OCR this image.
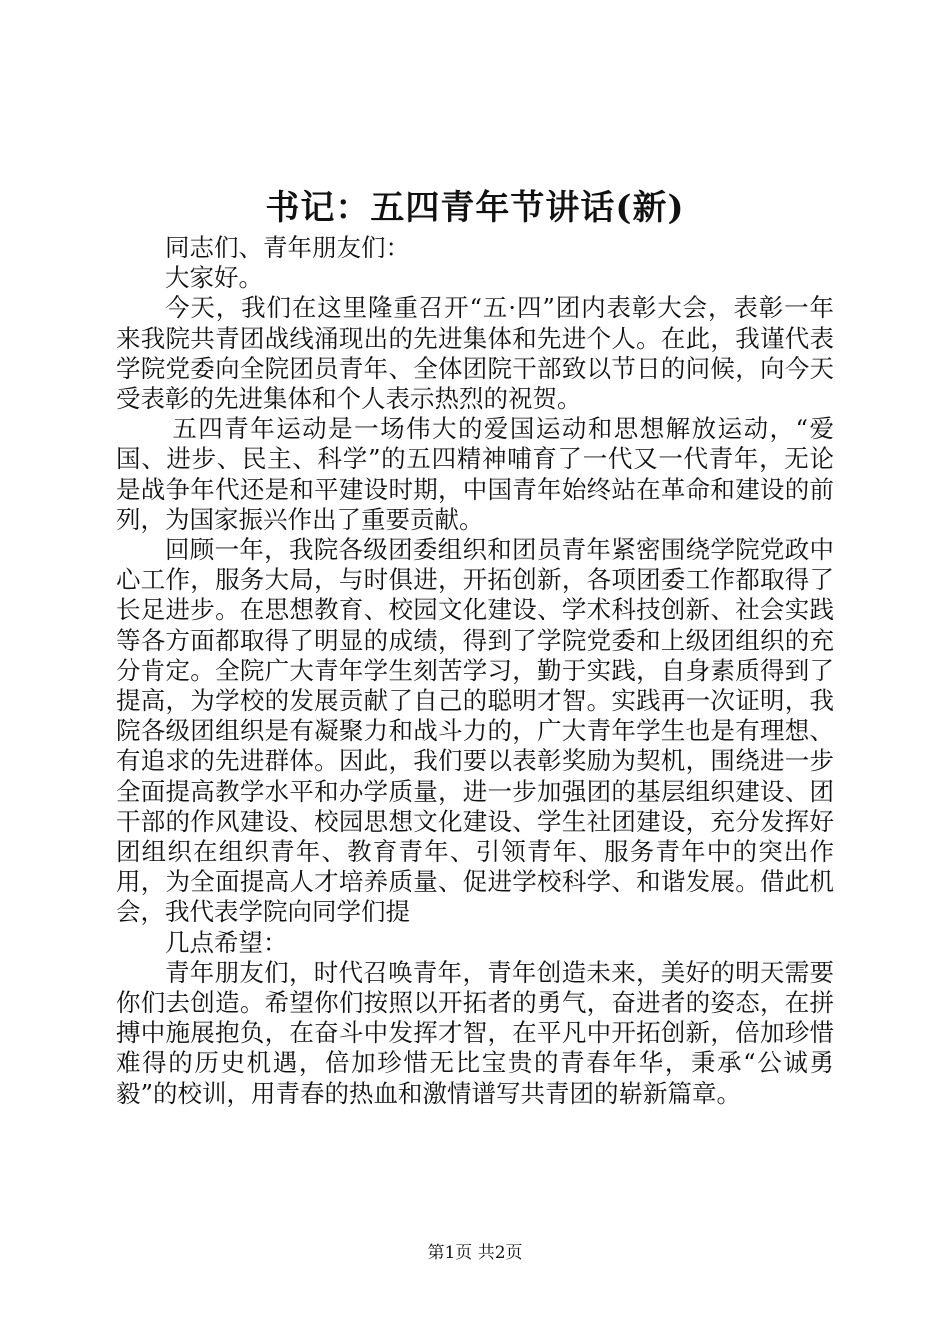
书记：五四青年节讲话(新)

同志们、青年朋友们：

大家好。

今天，我们在这里隆重召开“五·四”团内表彰大会，表彰一年来我院共青团战线涌现出的先进集体和先进个人。在此，我谨代表学院党委向全院团员青年、全体团院干部致以节日的问候，向今天受表彰的先进集体和个人表示热烈的祝贺。

五四青年运动是一场伟大的爱国运动和思想解放运动，“爱国、进步、民主、科学”的五四精神哺育了一代又一代青年，无论是战争年代还是和平建设时期，中国青年始终站在革命和建设的前列，为国家振兴作出了重要贡献。

回顾一年，我院各级团委组织和团员青年紧密围绕学院党政中心工作，服务大局，与时俱进，开拓创新，各项团委工作都取得了长足进步。在思想教育、校园文化建设、学术科技创新、社会实践等各方面都取得了明显的成绩，得到了学院党委和上级团组织的充分肯定。全院广大青年学生刻苦学习，勤于实践，自身素质得到了提高，为学校的发展贡献了自己的聪明才智。实践再一次证明，我院各级团组织是有凝聚力和战斗力的，广大青年学生也是有理想、有追求的先进群体。因此，我们要以表彰奖励为契机，围绕进一步全面提高教学水平和办学质量，进一步加强团的基层组织建设、团干部的作风建设、校园思想文化建设、学生社团建设，充分发挥好团组织在组织青年、教育青年、引领青年、服务青年中的突出作用，为全面提高人才培养质量、促进学校科学、和谐发展。借此机会，我代表学院向同学们提

几点希望：

青年朋友们，时代召唤青年，青年创造未来，美好的明天需要你们去创造。希望你们按照以开拓者的勇气，奋进者的姿态，在拼搏中施展抱负，在奋斗中发挥才智，在平凡中开拓创新，倍加珍惜难得的历史机遇，倍加珍惜无比宝贵的青春年华，秉承“公诚勇毅”的校训，用青春的热血和激情谱写共青团的崭新篇章。

第1页 共2页
